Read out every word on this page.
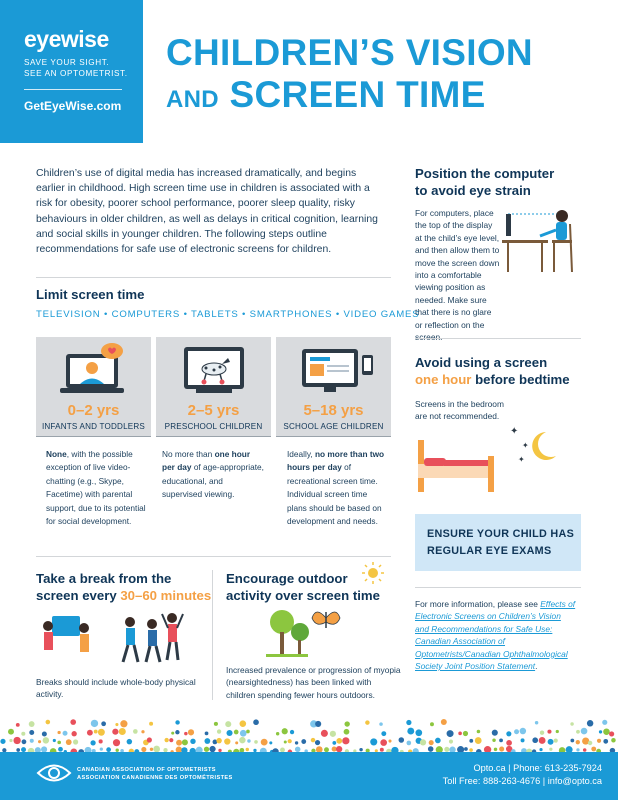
eyewise
SAVE YOUR SIGHT.
SEE AN OPTOMETRIST.
GetEyeWise.com
CHILDREN’S VISION
AND SCREEN TIME

Children’s use of digital media has increased dramatically, and begins earlier in childhood. High screen time use in children is associated with a risk for obesity, poorer school performance, poorer sleep quality, risky behaviours in older children, as well as delays in critical cognition, learning and social skills in younger children. The following steps outline recommendations for safe use of electronic screens for children.

Limit screen time
TELEVISION • COMPUTERS • TABLETS • SMARTPHONES • VIDEO GAMES
0–2 yrs	2–5 yrs	5–18 yrs
INFANTS AND TODDLERS	PRESCHOOL CHILDREN	SCHOOL AGE CHILDREN

None, with the possible exception of live video-chatting (e.g., Skype, Facetime) with parental support, due to its potential for social development.

No more than one hour per day of age-appropriate, educational, and supervised viewing.

Ideally, no more than two hours per day of recreational screen time. Individual screen time plans should be based on development and needs.

Take a break from the
screen every 30–60 minutes

Breaks should include whole-body physical activity.

Encourage outdoor
activity over screen time

Increased prevalence or progression of myopia (nearsightedness) has been linked with children spending fewer hours outdoors.

Position the computer
to avoid eye strain

For computers, place the top of the display at the child’s eye level, and then allow them to move the screen down into a comfortable viewing position as needed. Make sure that there is no glare or reflection on the

Avoid using a screen
one hour before bedtime

Screens in the bedroom are not recommended.

✦
✦
✦
ENSURE YOUR CHILD HAS
REGULAR EYE EXAMS

For more information, please see Effects of Electronic Screens on Children’s Vision and Recommendations for Safe Use: Canadian Association of Optometrists/Canadian Ophthalmological Society Joint Position Statement.

CANADIAN ASSOCIATION OF OPTOMETRISTS
ASSOCIATION CANADIENNE DES OPTOMÉTRISTES
Opto.ca | Phone: 613-235-7924
Toll Free: 888-263-4676 | info@opto.ca
